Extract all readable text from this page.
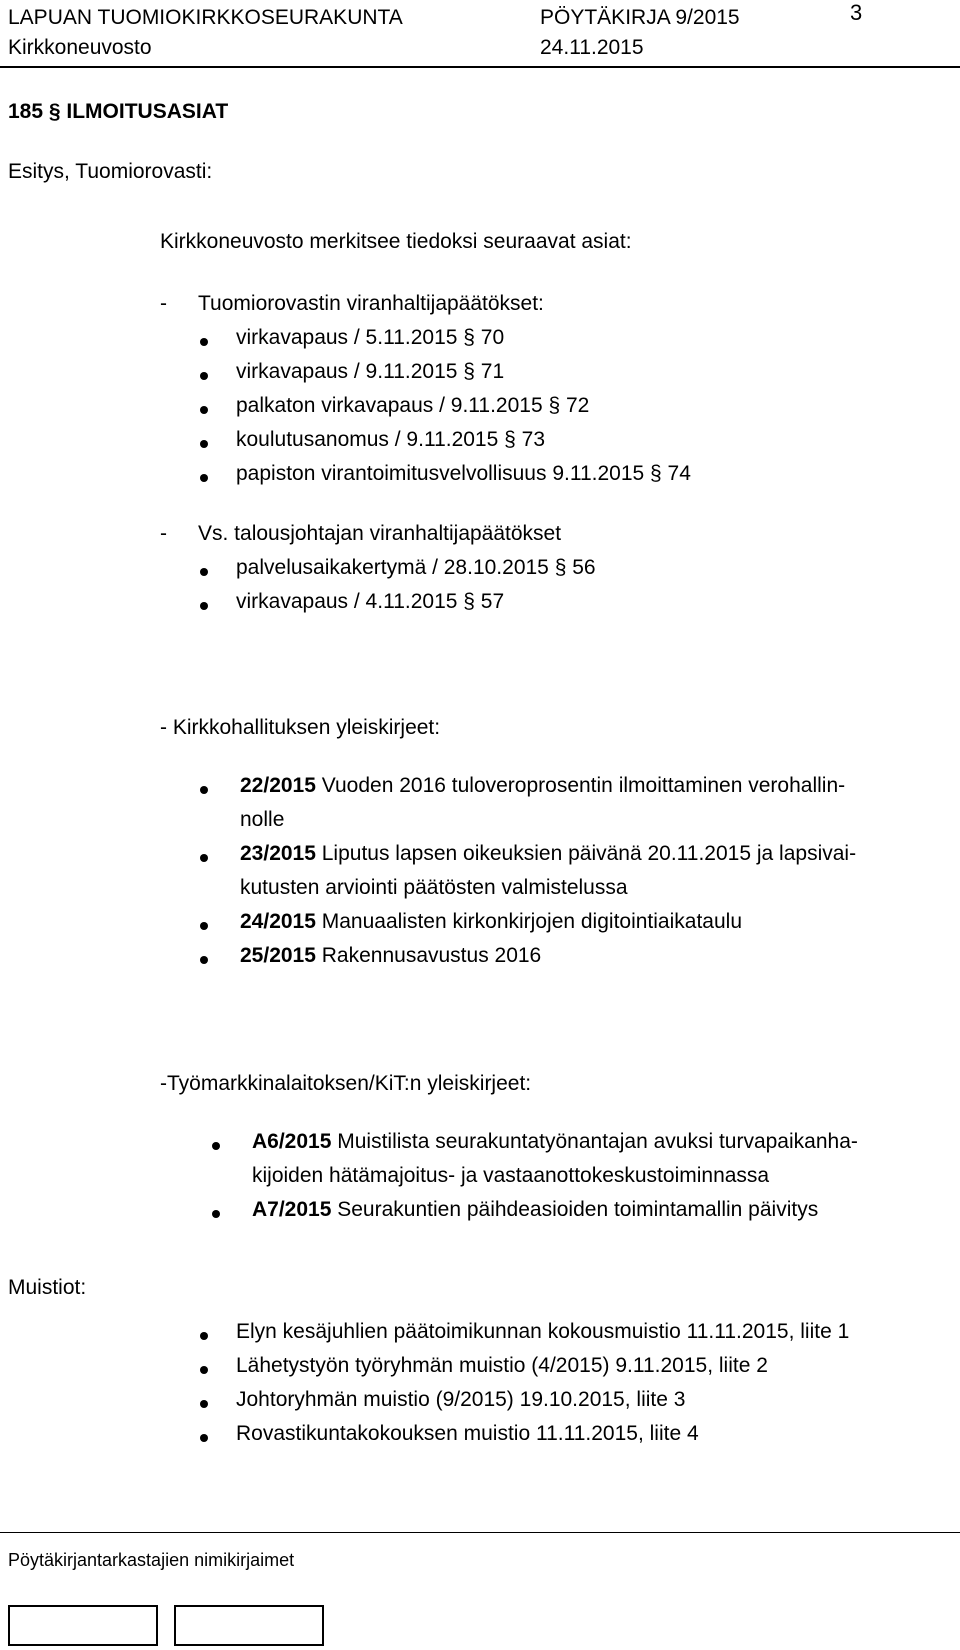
LAPUAN TUOMIOKIRKKOSEURAKUNTA	PÖYTÄKIRJA 9/2015	3
Kirkkoneuvosto	24.11.2015
185 § ILMOITUSASIAT
Esitys, Tuomiorovasti:
Kirkkoneuvosto merkitsee tiedoksi seuraavat asiat:
- Tuomiorovastin viranhaltijapäätökset:
virkavapaus / 5.11.2015 § 70
virkavapaus / 9.11.2015 § 71
palkaton virkavapaus / 9.11.2015 § 72
koulutusanomus / 9.11.2015 § 73
papiston virantoimitusvelvollisuus 9.11.2015 § 74
- Vs. talousjohtajan viranhaltijapäätökset
palvelusaikakertymä / 28.10.2015 § 56
virkavapaus / 4.11.2015 § 57
- Kirkkohallituksen yleiskirjeet:
22/2015 Vuoden 2016 tuloveroprosentin ilmoittaminen verohallin-
nolle
23/2015 Liputus lapsen oikeuksien päivänä 20.11.2015 ja lapsivai-
kutusten arviointi päätösten valmistelussa
24/2015 Manuaalisten kirkonkirjojen digitointiaikataulu
25/2015 Rakennusavustus 2016
-Työmarkkinalaitoksen/KiT:n yleiskirjeet:
A6/2015 Muistilista seurakuntatyönantajan avuksi turvapaikanha-
kijoiden hätämajoitus- ja vastaanottokeskustoiminnassa
A7/2015 Seurakuntien päihdeasioiden toimintamallin päivitys
Muistiot:
Elyn kesäjuhlien päätoimikunnan kokousmuistio 11.11.2015, liite 1
Lähetystyön työryhmän muistio (4/2015) 9.11.2015, liite 2
Johtoryhmän muistio (9/2015) 19.10.2015, liite 3
Rovastikuntakokouksen muistio 11.11.2015, liite 4
Pöytäkirjantarkastajien nimikirjaimet
